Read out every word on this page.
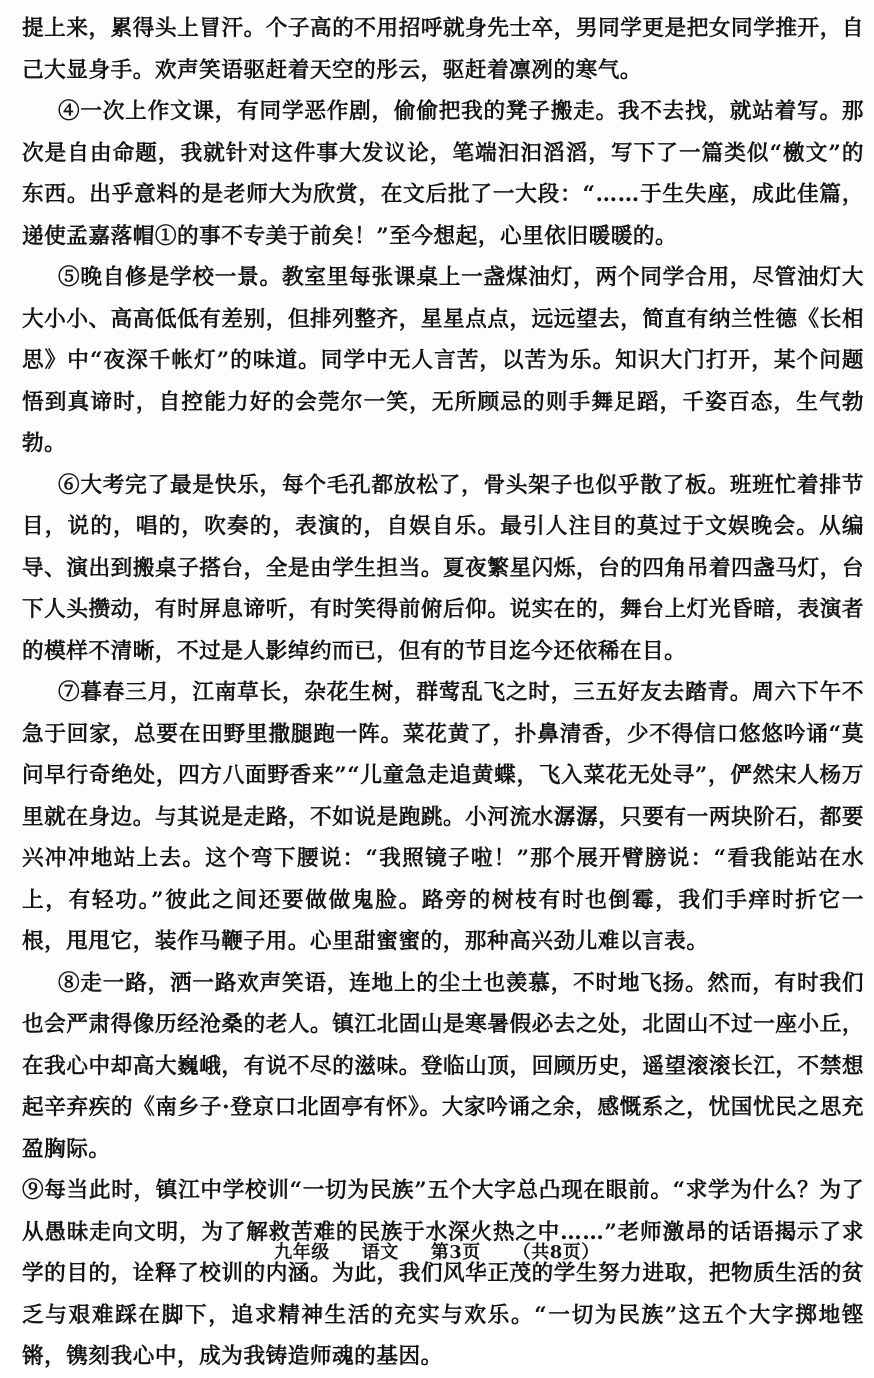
提上来，累得头上冒汗。个子高的不用招呼就身先士卒，男同学更是把女同学推开，自己大显身手。欢声笑语驱赶着天空的彤云，驱赶着凛冽的寒气。

④一次上作文课，有同学恶作剧，偷偷把我的凳子搬走。我不去找，就站着写。那次是自由命题，我就针对这件事大发议论，笔端汩汩滔滔，写下了一篇类似“檄文”的东西。出乎意料的是老师大为欣赏，在文后批了一大段：“……于生失座，成此佳篇，递使孟嘉落帽①的事不专美于前矣！”至今想起，心里依旧暖暖的。

⑤晚自修是学校一景。教室里每张课桌上一盏煤油灯，两个同学合用，尽管油灯大大小小、高高低低有差别，但排列整齐，星星点点，远远望去，简直有纳兰性德《长相思》中“夜深千帐灯”的味道。同学中无人言苦，以苦为乐。知识大门打开，某个问题悟到真谛时，自控能力好的会莞尔一笑，无所顾忌的则手舞足蹈，千姿百态，生气勃勃。

⑥大考完了最是快乐，每个毛孔都放松了，骨头架子也似乎散了板。班班忙着排节目，说的，唱的，吹奏的，表演的，自娱自乐。最引人注目的莫过于文娱晚会。从编导、演出到搬桌子搭台，全是由学生担当。夏夜繁星闪烁，台的四角吊着四盏马灯，台下人头攒动，有时屏息谛听，有时笑得前俯后仰。说实在的，舞台上灯光昏暗，表演者的模样不清晰，不过是人影绰约而已，但有的节目迄今还依稀在目。

⑦暮春三月，江南草长，杂花生树，群莺乱飞之时，三五好友去踏青。周六下午不急于回家，总要在田野里撒腿跑一阵。菜花黄了，扑鼻清香，少不得信口悠悠吟诵“莫问早行奇绝处，四方八面野香来”“儿童急走追黄蝶，飞入菜花无处寻”，俨然宋人杨万里就在身边。与其说是走路，不如说是跑跳。小河流水潺潺，只要有一两块阶石，都要兴冲冲地站上去。这个弯下腰说：“我照镜子啦！”那个展开臂膀说：“看我能站在水上，有轻功。”彼此之间还要做做鬼脸。路旁的树枝有时也倒霉，我们手痒时折它一根，甩甩它，装作马鞭子用。心里甜蜜蜜的，那种高兴劲儿难以言表。

⑧走一路，洒一路欢声笑语，连地上的尘土也羡慕，不时地飞扬。然而，有时我们也会严肃得像历经沧桑的老人。镇江北固山是寒暑假必去之处，北固山不过一座小丘，在我心中却高大巍峨，有说不尽的滋味。登临山顶，回顾历史，遥望滚滚长江，不禁想起辛弃疾的《南乡子·登京口北固亭有怀》。大家吟诵之余，感慨系之，忧国忧民之思充盈胸际。

⑨每当此时，镇江中学校训“一切为民族”五个大字总凸现在眼前。“求学为什么？为了从愚昧走向文明，为了解救苦难的民族于水深火热之中……”老师激昂的话语揭示了求学的目的，诠释了校训的内涵。为此，我们风华正茂的学生努力进取，把物质生活的贫乏与艰难踩在脚下，追求精神生活的充实与欢乐。“一切为民族”这五个大字掷地铿锵，镌刻我心中，成为我铸造师魂的基因。

九年级 语文 第3页 （共8页）
